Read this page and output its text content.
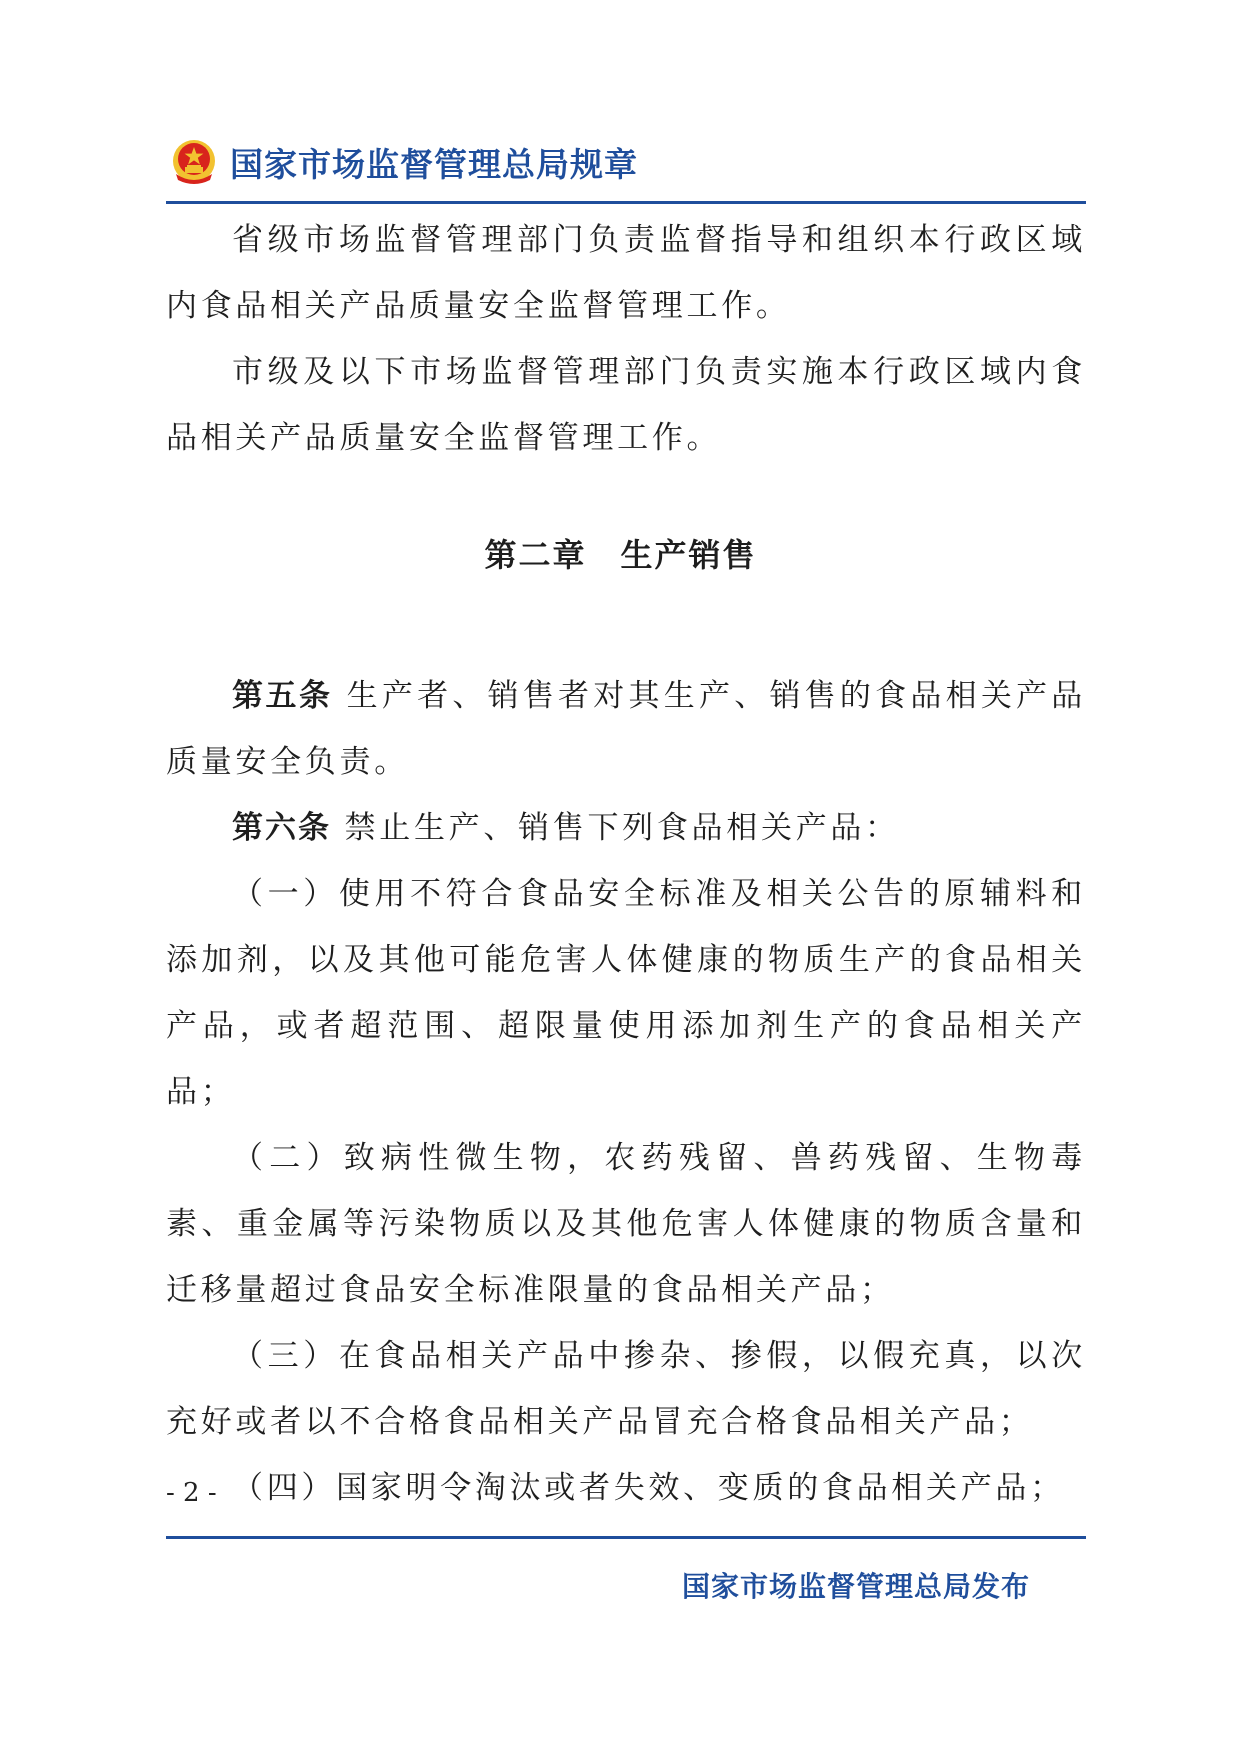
国家市场监督管理总局规章

省级市场监督管理部门负责监督指导和组织本行政区域内食品相关产品质量安全监督管理工作。

市级及以下市场监督管理部门负责实施本行政区域内食品相关产品质量安全监督管理工作。

第二章　生产销售

第五条 生产者、销售者对其生产、销售的食品相关产品质量安全负责。

第六条 禁止生产、销售下列食品相关产品：

（一）使用不符合食品安全标准及相关公告的原辅料和添加剂，以及其他可能危害人体健康的物质生产的食品相关产品，或者超范围、超限量使用添加剂生产的食品相关产品；

（二）致病性微生物，农药残留、兽药残留、生物毒素、重金属等污染物质以及其他危害人体健康的物质含量和迁移量超过食品安全标准限量的食品相关产品；

（三）在食品相关产品中掺杂、掺假，以假充真，以次充好或者以不合格食品相关产品冒充合格食品相关产品；

（四）国家明令淘汰或者失效、变质的食品相关产品；

- 2 -
国家市场监督管理总局发布
